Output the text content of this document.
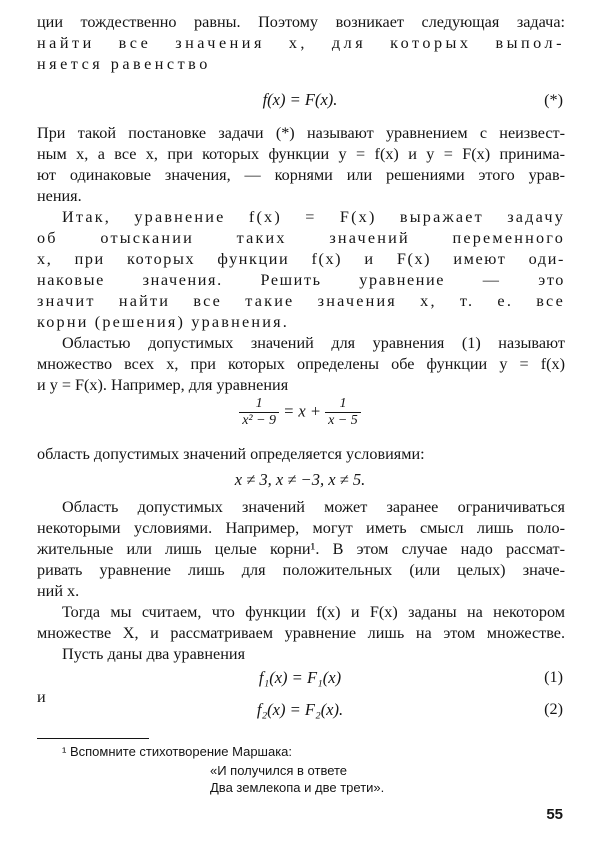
ции тождественно равны. Поэтому возникает следующая задача:
найти все значения x, для которых выпол-
няется равенство
f(x) = F(x).	(*)
При такой постановке задачи (*) называют уравнением с неизвест-
ным x, а все x, при которых функции y = f(x) и y = F(x) принима-
ют одинаковые значения, — корнями или решениями этого урав-
нения.
Итак, уравнение f(x) = F(x) выражает задачу
об отыскании таких значений переменного
x, при которых функции f(x) и F(x) имеют оди-
наковые значения. Решить уравнение — это
значит найти все такие значения x, т. е. все
корни (решения) уравнения.
Областью допустимых значений для уравнения (1) называют
множество всех x, при которых определены обе функции y = f(x)
и y = F(x). Например, для уравнения
$\frac{1}{\text{x² − 9}} = x + \frac{1}{x - 5}$
область допустимых значений определяется условиями:
x ≠ 3, x ≠ −3, x ≠ 5.
Область допустимых значений может заранее ограничиваться
некоторыми условиями. Например, могут иметь смысл лишь поло-
жительные или лишь целые корни¹. В этом случае надо рассмат-
ривать уравнение лишь для положительных (или целых) значе-
ний x.
Тогда мы считаем, что функции f(x) и F(x) заданы на некотором
множестве X, и рассматриваем уравнение лишь на этом множестве.
Пусть даны два уравнения
f₁(x) = F₁(x)	(1)
и
f₂(x) = F₂(x).	(2)
¹ Вспомните стихотворение Маршака:
«И получился в ответе
Два землекопа и две трети».
55
